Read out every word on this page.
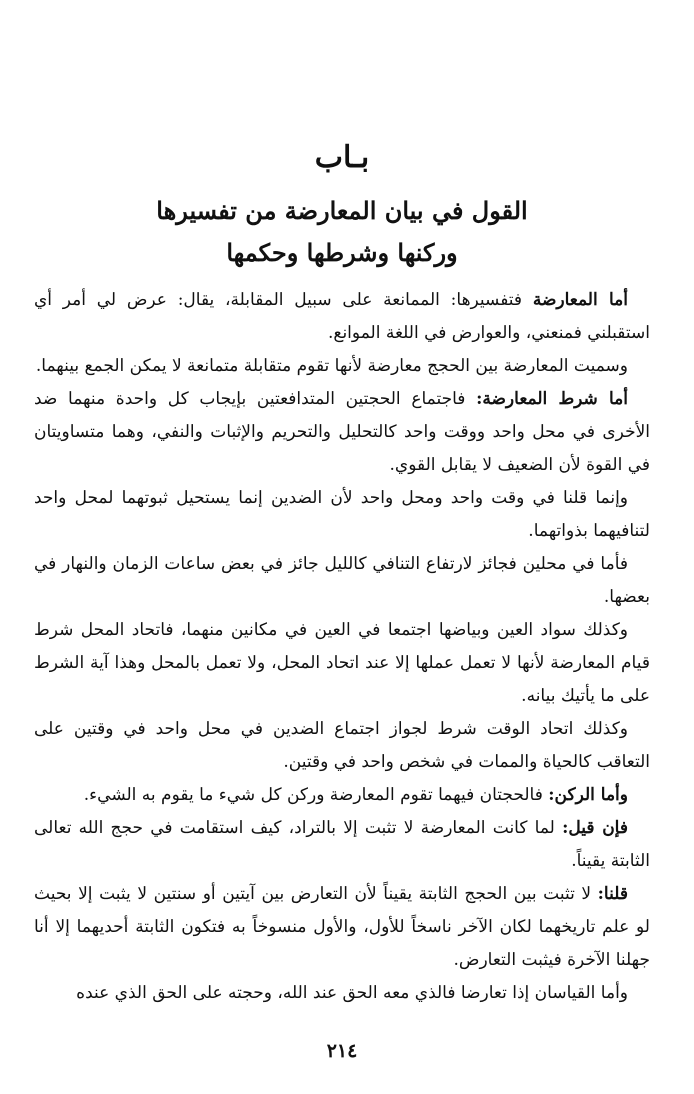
بـاب
القول في بيان المعارضة من تفسيرها
وركنها وشرطها وحكمها

أما المعارضة فتفسيرها: الممانعة على سبيل المقابلة، يقال: عرض لي أمر أي استقبلني فمنعني، والعوارض في اللغة الموانع.

وسميت المعارضة بين الحجج معارضة لأنها تقوم متقابلة متمانعة لا يمكن الجمع بينهما.

أما شرط المعارضة: فاجتماع الحجتين المتدافعتين بإيجاب كل واحدة منهما ضد الأخرى في محل واحد ووقت واحد كالتحليل والتحريم والإثبات والنفي، وهما متساويتان في القوة لأن الضعيف لا يقابل القوي.

وإنما قلنا في وقت واحد ومحل واحد لأن الضدين إنما يستحيل ثبوتهما لمحل واحد لتنافيهما بذواتهما.

فأما في محلين فجائز لارتفاع التنافي كالليل جائز في بعض ساعات الزمان والنهار في بعضها.

وكذلك سواد العين وبياضها اجتمعا في العين في مكانين منهما، فاتحاد المحل شرط قيام المعارضة لأنها لا تعمل عملها إلا عند اتحاد المحل، ولا تعمل بالمحل وهذا آية الشرط على ما يأتيك بيانه.

وكذلك اتحاد الوقت شرط لجواز اجتماع الضدين في محل واحد في وقتين على التعاقب كالحياة والممات في شخص واحد في وقتين.

وأما الركن: فالحجتان فيهما تقوم المعارضة وركن كل شيء ما يقوم به الشيء.

فإن قيل: لما كانت المعارضة لا تثبت إلا بالتراد، كيف استقامت في حجج الله تعالى الثابتة يقيناً.

قلنا: لا تثبت بين الحجج الثابتة يقيناً لأن التعارض بين آيتين أو سنتين لا يثبت إلا بحيث لو علم تاريخهما لكان الآخر ناسخاً للأول، والأول منسوخاً به فتكون الثابتة أحديهما إلا أنا جهلنا الآخرة فيثبت التعارض.

وأما القياسان إذا تعارضا فالذي معه الحق عند الله، وحجته على الحق الذي عنده

٢١٤
